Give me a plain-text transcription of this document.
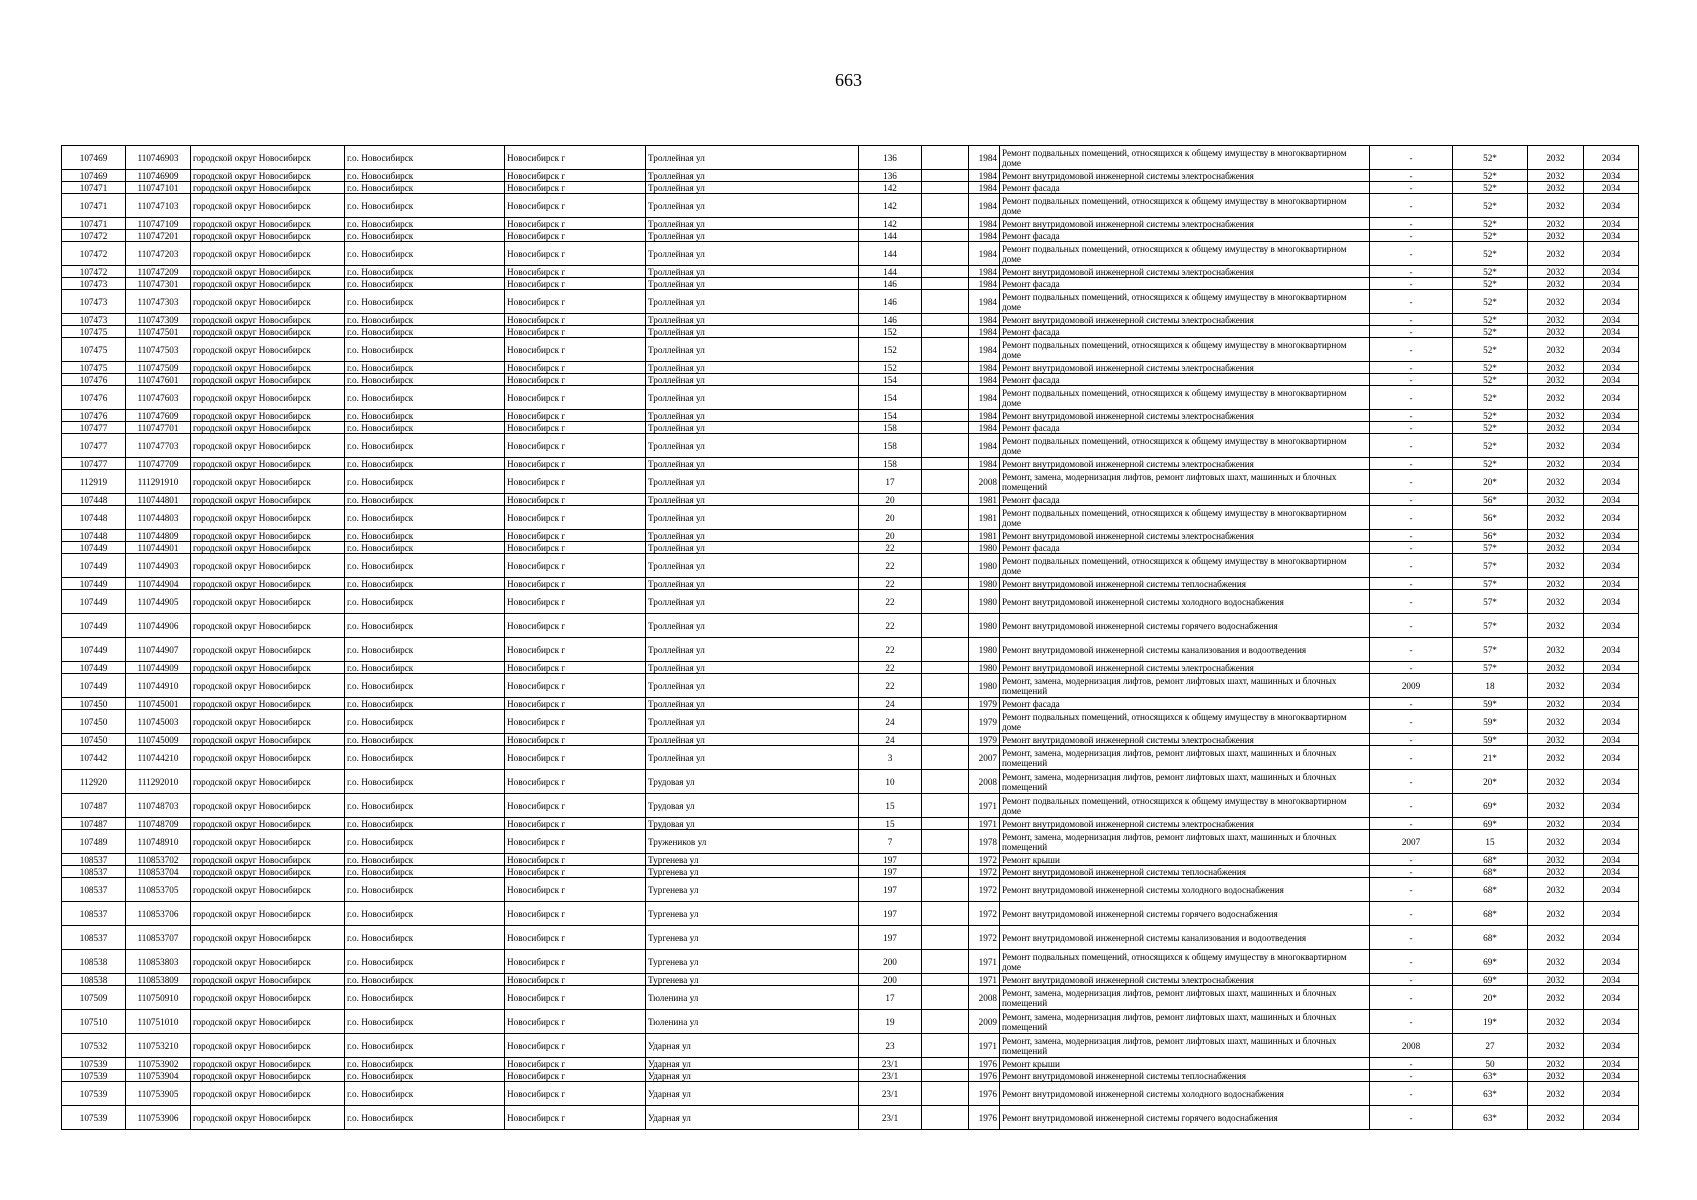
663
107469	110746903	городской округ Новосибирск	г.о. Новосибирск	Новосибирск г	Троллейная ул	136		1984	Ремонт подвальных помещений, относящихся к общему имуществу в многоквартирном доме	-	52*	2032	2034
107469	110746909	городской округ Новосибирск	г.о. Новосибирск	Новосибирск г	Троллейная ул	136		1984	Ремонт внутридомовой инженерной системы электроснабжения	-	52*	2032	2034
107471	110747101	городской округ Новосибирск	г.о. Новосибирск	Новосибирск г	Троллейная ул	142		1984	Ремонт фасада	-	52*	2032	2034
107471	110747103	городской округ Новосибирск	г.о. Новосибирск	Новосибирск г	Троллейная ул	142		1984	Ремонт подвальных помещений, относящихся к общему имуществу в многоквартирном доме	-	52*	2032	2034
107471	110747109	городской округ Новосибирск	г.о. Новосибирск	Новосибирск г	Троллейная ул	142		1984	Ремонт внутридомовой инженерной системы электроснабжения	-	52*	2032	2034
107472	110747201	городской округ Новосибирск	г.о. Новосибирск	Новосибирск г	Троллейная ул	144		1984	Ремонт фасада	-	52*	2032	2034
107472	110747203	городской округ Новосибирск	г.о. Новосибирск	Новосибирск г	Троллейная ул	144		1984	Ремонт подвальных помещений, относящихся к общему имуществу в многоквартирном доме	-	52*	2032	2034
107472	110747209	городской округ Новосибирск	г.о. Новосибирск	Новосибирск г	Троллейная ул	144		1984	Ремонт внутридомовой инженерной системы электроснабжения	-	52*	2032	2034
107473	110747301	городской округ Новосибирск	г.о. Новосибирск	Новосибирск г	Троллейная ул	146		1984	Ремонт фасада	-	52*	2032	2034
107473	110747303	городской округ Новосибирск	г.о. Новосибирск	Новосибирск г	Троллейная ул	146		1984	Ремонт подвальных помещений, относящихся к общему имуществу в многоквартирном доме	-	52*	2032	2034
107473	110747309	городской округ Новосибирск	г.о. Новосибирск	Новосибирск г	Троллейная ул	146		1984	Ремонт внутридомовой инженерной системы электроснабжения	-	52*	2032	2034
107475	110747501	городской округ Новосибирск	г.о. Новосибирск	Новосибирск г	Троллейная ул	152		1984	Ремонт фасада	-	52*	2032	2034
107475	110747503	городской округ Новосибирск	г.о. Новосибирск	Новосибирск г	Троллейная ул	152		1984	Ремонт подвальных помещений, относящихся к общему имуществу в многоквартирном доме	-	52*	2032	2034
107475	110747509	городской округ Новосибирск	г.о. Новосибирск	Новосибирск г	Троллейная ул	152		1984	Ремонт внутридомовой инженерной системы электроснабжения	-	52*	2032	2034
107476	110747601	городской округ Новосибирск	г.о. Новосибирск	Новосибирск г	Троллейная ул	154		1984	Ремонт фасада	-	52*	2032	2034
107476	110747603	городской округ Новосибирск	г.о. Новосибирск	Новосибирск г	Троллейная ул	154		1984	Ремонт подвальных помещений, относящихся к общему имуществу в многоквартирном доме	-	52*	2032	2034
107476	110747609	городской округ Новосибирск	г.о. Новосибирск	Новосибирск г	Троллейная ул	154		1984	Ремонт внутридомовой инженерной системы электроснабжения	-	52*	2032	2034
107477	110747701	городской округ Новосибирск	г.о. Новосибирск	Новосибирск г	Троллейная ул	158		1984	Ремонт фасада	-	52*	2032	2034
107477	110747703	городской округ Новосибирск	г.о. Новосибирск	Новосибирск г	Троллейная ул	158		1984	Ремонт подвальных помещений, относящихся к общему имуществу в многоквартирном доме	-	52*	2032	2034
107477	110747709	городской округ Новосибирск	г.о. Новосибирск	Новосибирск г	Троллейная ул	158		1984	Ремонт внутридомовой инженерной системы электроснабжения	-	52*	2032	2034
112919	111291910	городской округ Новосибирск	г.о. Новосибирск	Новосибирск г	Троллейная ул	17		2008	Ремонт, замена, модернизация лифтов, ремонт лифтовых шахт, машинных и блочных помещений	-	20*	2032	2034
107448	110744801	городской округ Новосибирск	г.о. Новосибирск	Новосибирск г	Троллейная ул	20		1981	Ремонт фасада	-	56*	2032	2034
107448	110744803	городской округ Новосибирск	г.о. Новосибирск	Новосибирск г	Троллейная ул	20		1981	Ремонт подвальных помещений, относящихся к общему имуществу в многоквартирном доме	-	56*	2032	2034
107448	110744809	городской округ Новосибирск	г.о. Новосибирск	Новосибирск г	Троллейная ул	20		1981	Ремонт внутридомовой инженерной системы электроснабжения	-	56*	2032	2034
107449	110744901	городской округ Новосибирск	г.о. Новосибирск	Новосибирск г	Троллейная ул	22		1980	Ремонт фасада	-	57*	2032	2034
107449	110744903	городской округ Новосибирск	г.о. Новосибирск	Новосибирск г	Троллейная ул	22		1980	Ремонт подвальных помещений, относящихся к общему имуществу в многоквартирном доме	-	57*	2032	2034
107449	110744904	городской округ Новосибирск	г.о. Новосибирск	Новосибирск г	Троллейная ул	22		1980	Ремонт внутридомовой инженерной системы теплоснабжения	-	57*	2032	2034
107449	110744905	городской округ Новосибирск	г.о. Новосибирск	Новосибирск г	Троллейная ул	22		1980	Ремонт внутридомовой инженерной системы холодного водоснабжения	-	57*	2032	2034
107449	110744906	городской округ Новосибирск	г.о. Новосибирск	Новосибирск г	Троллейная ул	22		1980	Ремонт внутридомовой инженерной системы горячего водоснабжения	-	57*	2032	2034
107449	110744907	городской округ Новосибирск	г.о. Новосибирск	Новосибирск г	Троллейная ул	22		1980	Ремонт внутридомовой инженерной системы канализования и водоотведения	-	57*	2032	2034
107449	110744909	городской округ Новосибирск	г.о. Новосибирск	Новосибирск г	Троллейная ул	22		1980	Ремонт внутридомовой инженерной системы электроснабжения	-	57*	2032	2034
107449	110744910	городской округ Новосибирск	г.о. Новосибирск	Новосибирск г	Троллейная ул	22		1980	Ремонт, замена, модернизация лифтов, ремонт лифтовых шахт, машинных и блочных помещений	2009	18	2032	2034
107450	110745001	городской округ Новосибирск	г.о. Новосибирск	Новосибирск г	Троллейная ул	24		1979	Ремонт фасада	-	59*	2032	2034
107450	110745003	городской округ Новосибирск	г.о. Новосибирск	Новосибирск г	Троллейная ул	24		1979	Ремонт подвальных помещений, относящихся к общему имуществу в многоквартирном доме	-	59*	2032	2034
107450	110745009	городской округ Новосибирск	г.о. Новосибирск	Новосибирск г	Троллейная ул	24		1979	Ремонт внутридомовой инженерной системы электроснабжения	-	59*	2032	2034
107442	110744210	городской округ Новосибирск	г.о. Новосибирск	Новосибирск г	Троллейная ул	3		2007	Ремонт, замена, модернизация лифтов, ремонт лифтовых шахт, машинных и блочных помещений	-	21*	2032	2034
112920	111292010	городской округ Новосибирск	г.о. Новосибирск	Новосибирск г	Трудовая ул	10		2008	Ремонт, замена, модернизация лифтов, ремонт лифтовых шахт, машинных и блочных помещений	-	20*	2032	2034
107487	110748703	городской округ Новосибирск	г.о. Новосибирск	Новосибирск г	Трудовая ул	15		1971	Ремонт подвальных помещений, относящихся к общему имуществу в многоквартирном доме	-	69*	2032	2034
107487	110748709	городской округ Новосибирск	г.о. Новосибирск	Новосибирск г	Трудовая ул	15		1971	Ремонт внутридомовой инженерной системы электроснабжения	-	69*	2032	2034
107489	110748910	городской округ Новосибирск	г.о. Новосибирск	Новосибирск г	Тружеников ул	7		1978	Ремонт, замена, модернизация лифтов, ремонт лифтовых шахт, машинных и блочных помещений	2007	15	2032	2034
108537	110853702	городской округ Новосибирск	г.о. Новосибирск	Новосибирск г	Тургенева ул	197		1972	Ремонт крыши	-	68*	2032	2034
108537	110853704	городской округ Новосибирск	г.о. Новосибирск	Новосибирск г	Тургенева ул	197		1972	Ремонт внутридомовой инженерной системы теплоснабжения	-	68*	2032	2034
108537	110853705	городской округ Новосибирск	г.о. Новосибирск	Новосибирск г	Тургенева ул	197		1972	Ремонт внутридомовой инженерной системы холодного водоснабжения	-	68*	2032	2034
108537	110853706	городской округ Новосибирск	г.о. Новосибирск	Новосибирск г	Тургенева ул	197		1972	Ремонт внутридомовой инженерной системы горячего водоснабжения	-	68*	2032	2034
108537	110853707	городской округ Новосибирск	г.о. Новосибирск	Новосибирск г	Тургенева ул	197		1972	Ремонт внутридомовой инженерной системы канализования и водоотведения	-	68*	2032	2034
108538	110853803	городской округ Новосибирск	г.о. Новосибирск	Новосибирск г	Тургенева ул	200		1971	Ремонт подвальных помещений, относящихся к общему имуществу в многоквартирном доме	-	69*	2032	2034
108538	110853809	городской округ Новосибирск	г.о. Новосибирск	Новосибирск г	Тургенева ул	200		1971	Ремонт внутридомовой инженерной системы электроснабжения	-	69*	2032	2034
107509	110750910	городской округ Новосибирск	г.о. Новосибирск	Новосибирск г	Тюленина ул	17		2008	Ремонт, замена, модернизация лифтов, ремонт лифтовых шахт, машинных и блочных помещений	-	20*	2032	2034
107510	110751010	городской округ Новосибирск	г.о. Новосибирск	Новосибирск г	Тюленина ул	19		2009	Ремонт, замена, модернизация лифтов, ремонт лифтовых шахт, машинных и блочных помещений	-	19*	2032	2034
107532	110753210	городской округ Новосибирск	г.о. Новосибирск	Новосибирск г	Ударная ул	23		1971	Ремонт, замена, модернизация лифтов, ремонт лифтовых шахт, машинных и блочных помещений	2008	27	2032	2034
107539	110753902	городской округ Новосибирск	г.о. Новосибирск	Новосибирск г	Ударная ул	23/1		1976	Ремонт крыши	-	50	2032	2034
107539	110753904	городской округ Новосибирск	г.о. Новосибирск	Новосибирск г	Ударная ул	23/1		1976	Ремонт внутридомовой инженерной системы теплоснабжения	-	63*	2032	2034
107539	110753905	городской округ Новосибирск	г.о. Новосибирск	Новосибирск г	Ударная ул	23/1		1976	Ремонт внутридомовой инженерной системы холодного водоснабжения	-	63*	2032	2034
107539	110753906	городской округ Новосибирск	г.о. Новосибирск	Новосибирск г	Ударная ул	23/1		1976	Ремонт внутридомовой инженерной системы горячего водоснабжения	-	63*	2032	2034
